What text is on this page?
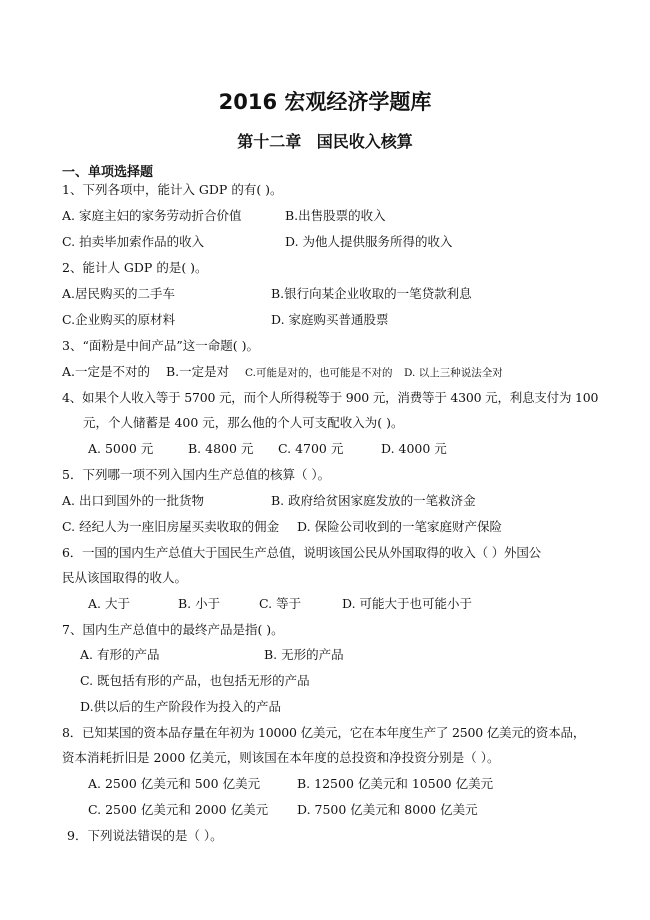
2016 宏观经济学题库
第十二章 国民收入核算
一、单项选择题
1、下列各项中，能计入 GDP 的有( )。
A. 家庭主妇的家务劳动折合价值	B.出售股票的收入
C. 拍卖毕加索作品的收入	D. 为他人提供服务所得的收入
2、能计人 GDP 的是( )。
A.居民购买的二手车	B.银行向某企业收取的一笔贷款利息
C.企业购买的原材料	D. 家庭购买普通股票
3、“面粉是中间产品”这一命题( )。
A.一定是不对的 B.一定是对 C.可能是对的，也可能是不对的 D. 以上三种说法全对
4、如果个人收入等于 5700 元，而个人所得税等于 900 元，消费等于 4300 元，利息支付为 100
元，个人储蓄是 400 元，那么他的个人可支配收入为( )。
A. 5000 元	B. 4800 元 C. 4700 元	D. 4000 元
5．下列哪一项不列入国内生产总值的核算（ ）。
A. 出口到国外的一批货物	B. 政府给贫困家庭发放的一笔救济金
C. 经纪人为一座旧房屋买卖收取的佣金 D. 保险公司收到的一笔家庭财产保险
6．一国的国内生产总值大于国民生产总值，说明该国公民从外国取得的收入（ ）外国公
民从该国取得的收人。
A. 大于	B. 小于	C. 等于	D. 可能大于也可能小于
7、国内生产总值中的最终产品是指( )。
A. 有形的产品	B. 无形的产品
C. 既包括有形的产品，也包括无形的产品
D.供以后的生产阶段作为投入的产品
8．已知某国的资本品存量在年初为 10000 亿美元，它在本年度生产了 2500 亿美元的资本品，
资本消耗折旧是 2000 亿美元，则该国在本年度的总投资和净投资分别是（ ）。
A. 2500 亿美元和 500 亿美元	B. 12500 亿美元和 10500 亿美元
C. 2500 亿美元和 2000 亿美元 D. 7500 亿美元和 8000 亿美元
9．下列说法错误的是（ ）。
